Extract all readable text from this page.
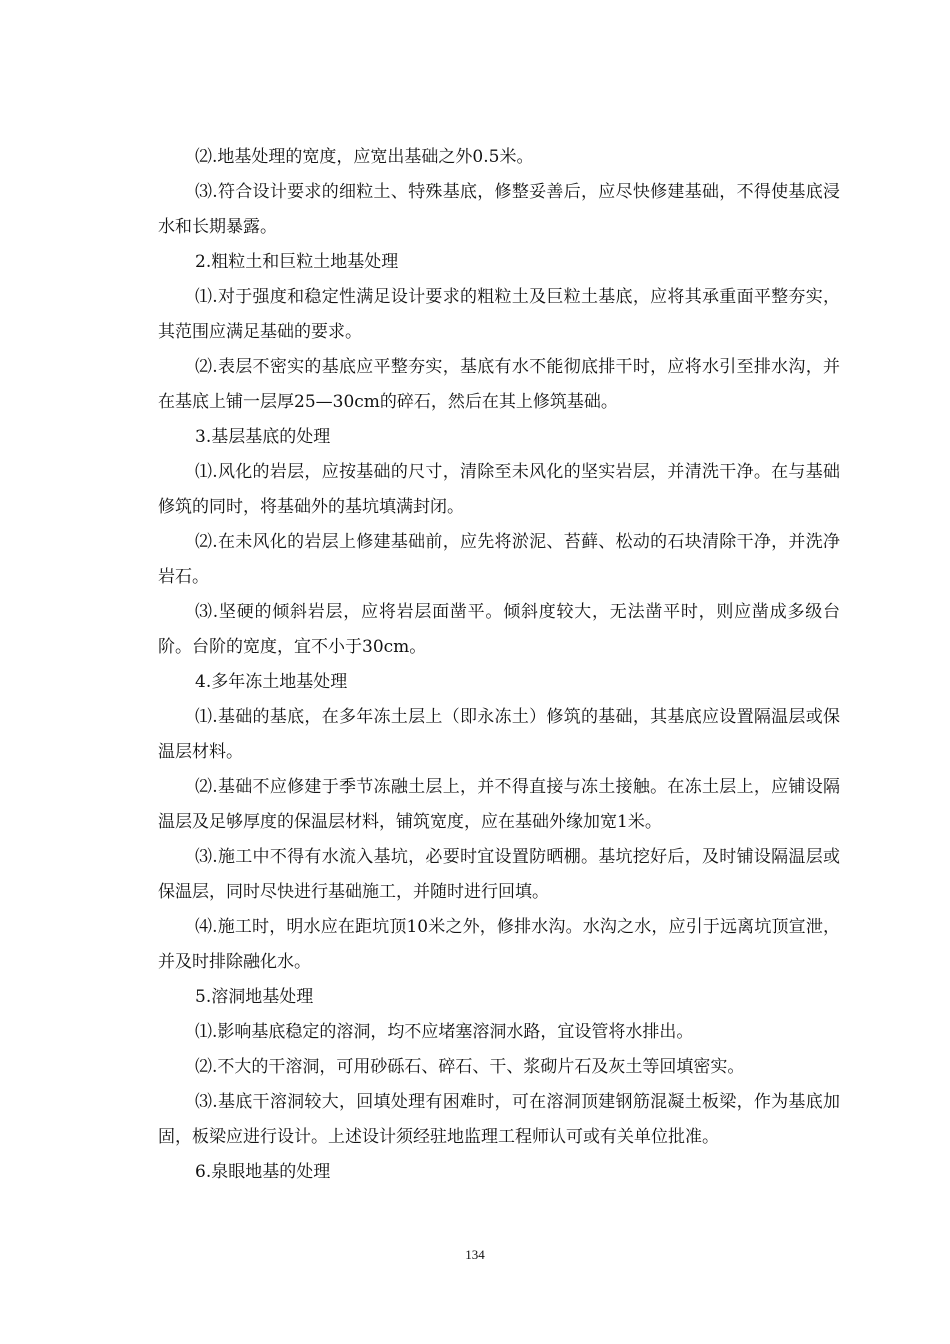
⑵.地基处理的宽度，应宽出基础之外0.5米。

⑶.符合设计要求的细粒土、特殊基底，修整妥善后，应尽快修建基础，不得使基底浸水和长期暴露。

2.粗粒土和巨粒土地基处理

⑴.对于强度和稳定性满足设计要求的粗粒土及巨粒土基底，应将其承重面平整夯实，其范围应满足基础的要求。

⑵.表层不密实的基底应平整夯实，基底有水不能彻底排干时，应将水引至排水沟，并在基底上铺一层厚25—30cm的碎石，然后在其上修筑基础。

3.基层基底的处理

⑴.风化的岩层，应按基础的尺寸，清除至未风化的坚实岩层，并清洗干净。在与基础修筑的同时，将基础外的基坑填满封闭。

⑵.在未风化的岩层上修建基础前，应先将淤泥、苔藓、松动的石块清除干净，并洗净岩石。

⑶.坚硬的倾斜岩层，应将岩层面凿平。倾斜度较大，无法凿平时，则应凿成多级台阶。台阶的宽度，宜不小于30cm。

4.多年冻土地基处理

⑴.基础的基底，在多年冻土层上（即永冻土）修筑的基础，其基底应设置隔温层或保温层材料。

⑵.基础不应修建于季节冻融土层上，并不得直接与冻土接触。在冻土层上，应铺设隔温层及足够厚度的保温层材料，铺筑宽度，应在基础外缘加宽1米。

⑶.施工中不得有水流入基坑，必要时宜设置防晒棚。基坑挖好后，及时铺设隔温层或保温层，同时尽快进行基础施工，并随时进行回填。

⑷.施工时，明水应在距坑顶10米之外，修排水沟。水沟之水，应引于远离坑顶宣泄，并及时排除融化水。

5.溶洞地基处理

⑴.影响基底稳定的溶洞，均不应堵塞溶洞水路，宜设管将水排出。

⑵.不大的干溶洞，可用砂砾石、碎石、干、浆砌片石及灰土等回填密实。

⑶.基底干溶洞较大，回填处理有困难时，可在溶洞顶建钢筋混凝土板梁，作为基底加固，板梁应进行设计。上述设计须经驻地监理工程师认可或有关单位批准。

6.泉眼地基的处理

134
